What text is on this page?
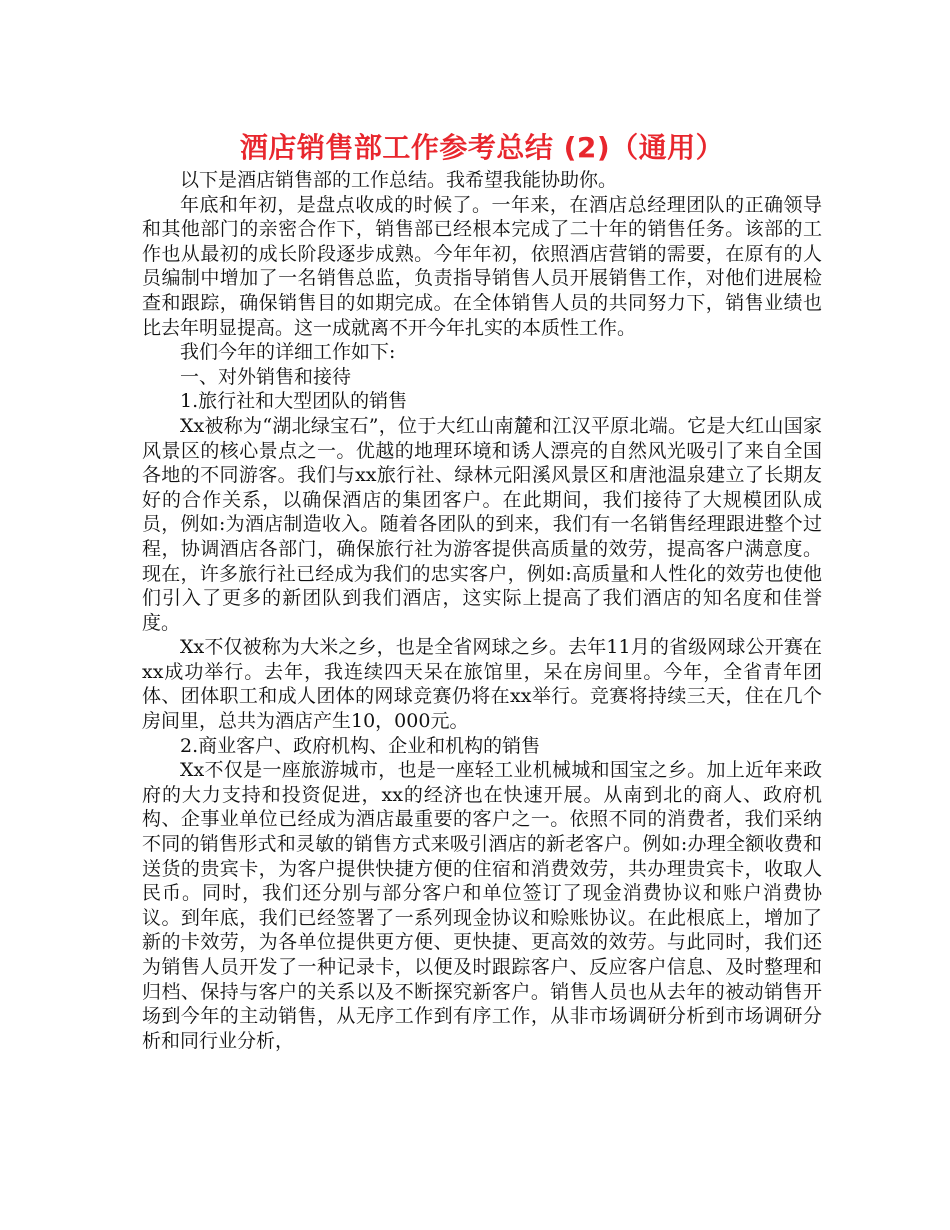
酒店销售部工作参考总结 (2)（通用）

以下是酒店销售部的工作总结。我希望我能协助你。

年底和年初，是盘点收成的时候了。一年来，在酒店总经理团队的正确领导和其他部门的亲密合作下，销售部已经根本完成了二十年的销售任务。该部的工作也从最初的成长阶段逐步成熟。今年年初，依照酒店营销的需要，在原有的人员编制中增加了一名销售总监，负责指导销售人员开展销售工作，对他们进展检查和跟踪，确保销售目的如期完成。在全体销售人员的共同努力下，销售业绩也比去年明显提高。这一成就离不开今年扎实的本质性工作。

我们今年的详细工作如下:

一、对外销售和接待

1.旅行社和大型团队的销售

Xx被称为“湖北绿宝石”，位于大红山南麓和江汉平原北端。它是大红山国家风景区的核心景点之一。优越的地理环境和诱人漂亮的自然风光吸引了来自全国各地的不同游客。我们与xx旅行社、绿林元阳溪风景区和唐池温泉建立了长期友好的合作关系，以确保酒店的集团客户。在此期间，我们接待了大规模团队成员，例如:为酒店制造收入。随着各团队的到来，我们有一名销售经理跟进整个过程，协调酒店各部门，确保旅行社为游客提供高质量的效劳，提高客户满意度。现在，许多旅行社已经成为我们的忠实客户，例如:高质量和人性化的效劳也使他们引入了更多的新团队到我们酒店，这实际上提高了我们酒店的知名度和佳誉度。

Xx不仅被称为大米之乡，也是全省网球之乡。去年11月的省级网球公开赛在xx成功举行。去年，我连续四天呆在旅馆里，呆在房间里。今年，全省青年团体、团体职工和成人团体的网球竞赛仍将在xx举行。竞赛将持续三天，住在几个房间里，总共为酒店产生10，000元。

2.商业客户、政府机构、企业和机构的销售

Xx不仅是一座旅游城市，也是一座轻工业机械城和国宝之乡。加上近年来政府的大力支持和投资促进，xx的经济也在快速开展。从南到北的商人、政府机构、企事业单位已经成为酒店最重要的客户之一。依照不同的消费者，我们采纳不同的销售形式和灵敏的销售方式来吸引酒店的新老客户。例如:办理全额收费和送货的贵宾卡，为客户提供快捷方便的住宿和消费效劳，共办理贵宾卡，收取人民币。同时，我们还分别与部分客户和单位签订了现金消费协议和账户消费协议。到年底，我们已经签署了一系列现金协议和赊账协议。在此根底上，增加了新的卡效劳，为各单位提供更方便、更快捷、更高效的效劳。与此同时，我们还为销售人员开发了一种记录卡，以便及时跟踪客户、反应客户信息、及时整理和归档、保持与客户的关系以及不断探究新客户。销售人员也从去年的被动销售开场到今年的主动销售，从无序工作到有序工作，从非市场调研分析到市场调研分析和同行业分析，
